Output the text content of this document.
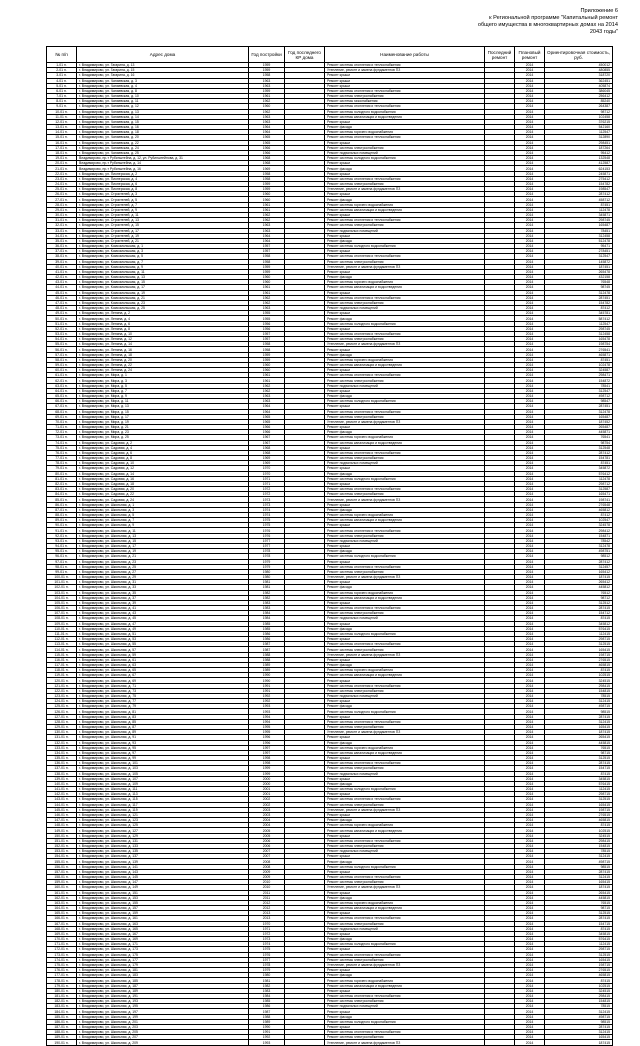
Приложение 6
к Региональной программе "Капитальный ремонт
общего имущества в многоквартирных домах на 2014
2043 годы"
№ п/п	Адрес дома	Год постройки	Год последнего КР дома	Наименование работы	Последний ремонт	Плановый ремонт	Ориентировочная стоимость, руб.
1-01 п.	г. Владимирово, ул. Гагарина, д. 13	1959		Ремонт системы отопления и теплоснабжения		2014	450012
2-01 п.	г. Владимирово, ул. Гагарина, д. 15	1959		Утепление, ремонт и замена фундаментов ПЗ		2014	480855
3-01 п.	г. Владимирово, ул. Гагарина, д. 16	1958		Ремонт крыши		2014	318720
4-01 п.	г. Владимирово, ул. Чапаевская, д. 3	1963		Ремонт крыши		2014	362451
5-01 п.	г. Владимирово, ул. Чапаевская, д. 4	1963		Ремонт крыши		2014	405874
6-01 п.	г. Владимирово, ул. Чапаевская, д. 8	1959		Ремонт системы отопления и теплоснабжения		2014	386045
7-01 п.	г. Владимирово, ул. Чапаевская, д. 10	1961		Ремонт системы электроснабжения		2014	256412
8-01 п.	г. Владимирово, ул. Чапаевская, д. 11	1962		Ремонт системы газоснабжения		2014	85240
9-01 п.	г. Владимирово, ул. Чапаевская, д. 12	1960		Ремонт системы отопления и теплоснабжения		2014	264387
10-01 п.	г. Владимирово, ул. Чапаевская, д. 13	1962		Ремонт системы холодного водоснабжения		2014	98712
11-01 п.	г. Владимирово, ул. Чапаевская, д. 14	1963		Ремонт системы канализации и водоотведения		2014	102458
12-01 п.	г. Владимирово, ул. Чапаевская, д. 15	1963		Ремонт крыши		2014	376215
13-01 п.	г. Владимирово, ул. Чапаевская, д. 16	1964		Ремонт фасада		2014	542160
14-01 п.	г. Владимирово, ул. Чапаевская, д. 18	1964		Ремонт системы горячего водоснабжения		2014	112547
15-01 п.	г. Владимирово, ул. Чапаевская, д. 20	1965		Ремонт системы отопления и теплоснабжения		2014	312890
16-01 п.	г. Владимирово, ул. Чапаевская, д. 22	1965		Ремонт крыши		2014	298451
17-01 п.	г. Владимирово, ул. Чапаевская, д. 24	1966		Ремонт системы электроснабжения		2014	187264
18-01 п.	г. Владимирово, ул. Чапаевская, д. 25	1966		Ремонт подвальных помещений		2014	95412
19-01 п.	Владимирово, пр-т Рубинштейна, д. 12, ул. Рубинштейнова, д. 31	1968		Ремонт системы холодного водоснабжения		2014	132548
20-01 п.	Владимирово, пр-т Рубинштейна, д. 14	1968		Ремонт крыши		2014	412587
21-01 п.	Владимирово, пр-т Рубинштейна, д. 16	1969		Ремонт фасада		2014	624153
22-01 п.	г. Владимирово, ул. Пионерская, д. 2	1958		Ремонт крыши		2014	245871
23-01 п.	г. Владимирово, ул. Пионерская, д. 4	1958		Ремонт системы отопления и теплоснабжения		2014	275412
24-01 п.	г. Владимирово, ул. Пионерская, д. 6	1959		Ремонт системы электроснабжения		2014	154782
25-01 п.	г. Владимирово, ул. Пионерская, д. 8	1959		Утепление, ремонт и замена фундаментов ПЗ		2014	198547
26-01 п.	г. Владимирово, ул. Строителей, д. 3	1960		Ремонт крыши		2014	287412
27-01 п.	г. Владимирово, ул. Строителей, д. 5	1960		Ремонт фасада		2014	458712
28-01 п.	г. Владимирово, ул. Строителей, д. 7	1961		Ремонт системы горячего водоснабжения		2014	87451
29-01 п.	г. Владимирово, ул. Строителей, д. 9	1961		Ремонт системы канализации и водоотведения		2014	112478
30-01 п.	г. Владимирово, ул. Строителей, д. 11	1962		Ремонт крыши		2014	345871
31-01 п.	г. Владимирово, ул. Строителей, д. 13	1962		Ремонт системы отопления и теплоснабжения		2014	298745
32-01 п.	г. Владимирово, ул. Строителей, д. 15	1963		Ремонт системы электроснабжения		2014	165487
33-01 п.	г. Владимирово, ул. Строителей, д. 17	1963		Ремонт подвальных помещений		2014	78451
34-01 п.	г. Владимирово, ул. Строителей, д. 19	1964		Ремонт крыши		2014	312458
35-01 п.	г. Владимирово, ул. Строителей, д. 21	1964		Ремонт фасада		2014	512478
36-01 п.	г. Владимирово, ул. Комсомольская, д. 1	1957		Ремонт системы холодного водоснабжения		2014	95471
37-01 п.	г. Владимирово, ул. Комсомольская, д. 3	1957		Ремонт крыши		2014	278451
38-01 п.	г. Владимирово, ул. Комсомольская, д. 5	1958		Ремонт системы отопления и теплоснабжения		2014	312547
39-01 п.	г. Владимирово, ул. Комсомольская, д. 7	1958		Ремонт системы электроснабжения		2014	145872
40-01 п.	г. Владимирово, ул. Комсомольская, д. 9	1959		Утепление, ремонт и замена фундаментов ПЗ		2014	187451
41-01 п.	г. Владимирово, ул. Комсомольская, д. 11	1959		Ремонт крыши		2014	265478
42-01 п.	г. Владимирово, ул. Комсомольская, д. 13	1960		Ремонт фасада		2014	432158
43-01 п.	г. Владимирово, ул. Комсомольская, д. 15	1960		Ремонт системы горячего водоснабжения		2014	76548
44-01 п.	г. Владимирово, ул. Комсомольская, д. 17	1961		Ремонт системы канализации и водоотведения		2014	98745
45-01 п.	г. Владимирово, ул. Комсомольская, д. 19	1961		Ремонт крыши		2014	312478
46-01 п.	г. Владимирово, ул. Комсомольская, д. 21	1962		Ремонт системы отопления и теплоснабжения		2014	287451
47-01 п.	г. Владимирово, ул. Комсомольская, д. 23	1962		Ремонт системы электроснабжения		2014	154782
48-01 п.	г. Владимирово, ул. Комсомольская, д. 25	1963		Ремонт подвальных помещений		2014	87412
49-01 п.	г. Владимирово, ул. Ленина, д. 2	1955		Ремонт крыши		2014	345781
50-01 п.	г. Владимирово, ул. Ленина, д. 4	1955		Ремонт фасада		2014	587412
51-01 п.	г. Владимирово, ул. Ленина, д. 6	1956		Ремонт системы холодного водоснабжения		2014	112547
52-01 п.	г. Владимирово, ул. Ленина, д. 8	1956		Ремонт крыши		2014	298745
53-01 п.	г. Владимирово, ул. Ленина, д. 10	1957		Ремонт системы отопления и теплоснабжения		2014	312458
54-01 п.	г. Владимирово, ул. Ленина, д. 12	1957		Ремонт системы электроснабжения		2014	165478
55-01 п.	г. Владимирово, ул. Ленина, д. 14	1958		Утепление, ремонт и замена фундаментов ПЗ		2014	198754
56-01 п.	г. Владимирово, ул. Ленина, д. 16	1958		Ремонт крыши		2014	276541
57-01 п.	г. Владимирово, ул. Ленина, д. 18	1959		Ремонт фасада		2014	465871
58-01 п.	г. Владимирово, ул. Ленина, д. 20	1959		Ремонт системы горячего водоснабжения		2014	87451
59-01 п.	г. Владимирово, ул. Ленина, д. 22	1960		Ремонт системы канализации и водоотведения		2014	102478
60-01 п.	г. Владимирово, ул. Ленина, д. 24	1960		Ремонт крыши		2014	324587
61-01 п.	г. Владимирово, ул. Мира, д. 1	1961		Ремонт системы отопления и теплоснабжения		2014	298471
62-01 п.	г. Владимирово, ул. Мира, д. 3	1961		Ремонт системы электроснабжения		2014	154872
63-01 п.	г. Владимирово, ул. Мира, д. 5	1962		Ремонт подвальных помещений		2014	78541
64-01 п.	г. Владимирово, ул. Мира, д. 7	1962		Ремонт крыши		2014	312547
65-01 п.	г. Владимирово, ул. Мира, д. 9	1963		Ремонт фасада		2014	498712
66-01 п.	г. Владимирово, ул. Мира, д. 11	1963		Ремонт системы холодного водоснабжения		2014	98547
67-01 п.	г. Владимирово, ул. Мира, д. 13	1964		Ремонт крыши		2014	287451
68-01 п.	г. Владимирово, ул. Мира, д. 15	1964		Ремонт системы отопления и теплоснабжения		2014	312478
69-01 п.	г. Владимирово, ул. Мира, д. 17	1965		Ремонт системы электроснабжения		2014	165487
70-01 п.	г. Владимирово, ул. Мира, д. 19	1965		Утепление, ремонт и замена фундаментов ПЗ		2014	187452
71-01 п.	г. Владимирово, ул. Мира, д. 21	1966		Ремонт крыши		2014	265487
72-01 п.	г. Владимирово, ул. Мира, д. 23	1966		Ремонт фасада		2014	445871
73-01 п.	г. Владимирово, ул. Мира, д. 25	1967		Ремонт системы горячего водоснабжения		2014	76541
74-01 п.	г. Владимирово, ул. Садовая, д. 2	1967		Ремонт системы канализации и водоотведения		2014	98754
75-01 п.	г. Владимирово, ул. Садовая, д. 4	1968		Ремонт крыши		2014	312548
76-01 п.	г. Владимирово, ул. Садовая, д. 6	1968		Ремонт системы отопления и теплоснабжения		2014	287412
77-01 п.	г. Владимирово, ул. Садовая, д. 8	1969		Ремонт системы электроснабжения		2014	154781
78-01 п.	г. Владимирово, ул. Садовая, д. 10	1969		Ремонт подвальных помещений		2014	87451
79-01 п.	г. Владимирово, ул. Садовая, д. 12	1970		Ремонт крыши		2014	345872
80-01 п.	г. Владимирово, ул. Садовая, д. 14	1970		Ремонт фасада		2014	576412
81-01 п.	г. Владимирово, ул. Садовая, д. 16	1971		Ремонт системы холодного водоснабжения		2014	112478
82-01 п.	г. Владимирово, ул. Садовая, д. 18	1971		Ремонт крыши		2014	298712
83-01 п.	г. Владимирово, ул. Садовая, д. 20	1972		Ремонт системы отопления и теплоснабжения		2014	312587
84-01 п.	г. Владимирово, ул. Садовая, д. 22	1972		Ремонт системы электроснабжения		2014	165471
85-01 п.	г. Владимирово, ул. Садовая, д. 24	1973		Утепление, ремонт и замена фундаментов ПЗ		2014	198741
86-01 п.	г. Владимирово, ул. Школьная, д. 1	1973		Ремонт крыши		2014	276548
87-01 п.	г. Владимирово, ул. Школьная, д. 3	1974		Ремонт фасада		2014	465812
88-01 п.	г. Владимирово, ул. Школьная, д. 5	1974		Ремонт системы горячего водоснабжения		2014	87412
89-01 п.	г. Владимирово, ул. Школьная, д. 7	1975		Ремонт системы канализации и водоотведения		2014	102547
90-01 п.	г. Владимирово, ул. Школьная, д. 9	1975		Ремонт крыши		2014	324578
91-01 п.	г. Владимирово, ул. Школьная, д. 11	1976		Ремонт системы отопления и теплоснабжения		2014	298412
92-01 п.	г. Владимирово, ул. Школьная, д. 13	1976		Ремонт системы электроснабжения		2014	154871
93-01 п.	г. Владимирово, ул. Школьная, д. 15	1977		Ремонт подвальных помещений		2014	78542
94-01 п.	г. Владимирово, ул. Школьная, д. 17	1977		Ремонт крыши		2014	312478
95-01 п.	г. Владимирово, ул. Школьная, д. 19	1978		Ремонт фасада		2014	498751
96-01 п.	г. Владимирово, ул. Школьная, д. 21	1978		Ремонт системы холодного водоснабжения		2014	98512
97-01 п.	г. Владимирово, ул. Школьная, д. 23	1979		Ремонт крыши		2014	287412
98-01 п.	г. Владимирово, ул. Школьная, д. 25	1979		Ремонт системы отопления и теплоснабжения		2014	312457
99-01 п.	г. Владимирово, ул. Школьная, д. 27	1980		Ремонт системы электроснабжения		2014	165412
100-01 п.	г. Владимирово, ул. Школьная, д. 29	1980		Утепление, ремонт и замена фундаментов ПЗ		2014	187415
101-01 п.	г. Владимирово, ул. Школьная, д. 31	1981		Ремонт крыши		2014	265412
102-01 п.	г. Владимирово, ул. Школьная, д. 33	1981		Ремонт фасада		2014	445812
103-01 п.	г. Владимирово, ул. Школьная, д. 35	1982		Ремонт системы горячего водоснабжения		2014	76512
104-01 п.	г. Владимирово, ул. Школьная, д. 37	1982		Ремонт системы канализации и водоотведения		2014	98712
105-01 п.	г. Владимирово, ул. Школьная, д. 39	1983		Ремонт крыши		2014	312512
106-01 п.	г. Владимирово, ул. Школьная, д. 41	1983		Ремонт системы отопления и теплоснабжения		2014	287415
107-01 п.	г. Владимирово, ул. Школьная, д. 43	1984		Ремонт системы электроснабжения		2014	154712
108-01 п.	г. Владимирово, ул. Школьная, д. 45	1984		Ремонт подвальных помещений		2014	87415
109-01 п.	г. Владимирово, ул. Школьная, д. 47	1985		Ремонт крыши		2014	345812
110-01 п.	г. Владимирово, ул. Школьная, д. 49	1985		Ремонт фасада		2014	576415
111-01 п.	г. Владимирово, ул. Школьная, д. 51	1986		Ремонт системы холодного водоснабжения		2014	112415
112-01 п.	г. Владимирово, ул. Школьная, д. 53	1986		Ремонт крыши		2014	298715
113-01 п.	г. Владимирово, ул. Школьная, д. 55	1987		Ремонт системы отопления и теплоснабжения		2014	312515
114-01 п.	г. Владимирово, ул. Школьная, д. 57	1987		Ремонт системы электроснабжения		2014	165415
115-01 п.	г. Владимирово, ул. Школьная, д. 59	1988		Утепление, ремонт и замена фундаментов ПЗ		2014	198715
116-01 п.	г. Владимирово, ул. Школьная, д. 61	1988		Ремонт крыши		2014	276515
117-01 п.	г. Владимирово, ул. Школьная, д. 63	1989		Ремонт фасада		2014	465815
118-01 п.	г. Владимирово, ул. Школьная, д. 65	1989		Ремонт системы горячего водоснабжения		2014	87415
119-01 п.	г. Владимирово, ул. Школьная, д. 67	1990		Ремонт системы канализации и водоотведения		2014	102515
120-01 п.	г. Владимирово, ул. Школьная, д. 69	1990		Ремонт крыши		2014	324515
121-01 п.	г. Владимирово, ул. Школьная, д. 71	1991		Ремонт системы отопления и теплоснабжения		2014	298415
122-01 п.	г. Владимирово, ул. Школьная, д. 73	1991		Ремонт системы электроснабжения		2014	154815
123-01 п.	г. Владимирово, ул. Школьная, д. 75	1992		Ремонт подвальных помещений		2014	78515
124-01 п.	г. Владимирово, ул. Школьная, д. 77	1992		Ремонт крыши		2014	312415
125-01 п.	г. Владимирово, ул. Школьная, д. 79	1993		Ремонт фасада		2014	498715
126-01 п.	г. Владимирово, ул. Школьная, д. 81	1993		Ремонт системы холодного водоснабжения		2014	98515
127-01 п.	г. Владимирово, ул. Школьная, д. 83	1994		Ремонт крыши		2014	287415
128-01 п.	г. Владимирово, ул. Школьная, д. 85	1994		Ремонт системы отопления и теплоснабжения		2014	312415
129-01 п.	г. Владимирово, ул. Школьная, д. 87	1995		Ремонт системы электроснабжения		2014	165415
130-01 п.	г. Владимирово, ул. Школьная, д. 89	1995		Утепление, ремонт и замена фундаментов ПЗ		2014	187415
131-01 п.	г. Владимирово, ул. Школьная, д. 91	1996		Ремонт крыши		2014	265415
132-01 п.	г. Владимирово, ул. Школьная, д. 93	1996		Ремонт фасада		2014	445815
133-01 п.	г. Владимирово, ул. Школьная, д. 95	1997		Ремонт системы горячего водоснабжения		2014	76515
134-01 п.	г. Владимирово, ул. Школьная, д. 97	1997		Ремонт системы канализации и водоотведения		2014	98715
135-01 п.	г. Владимирово, ул. Школьная, д. 99	1998		Ремонт крыши		2014	312515
136-01 п.	г. Владимирово, ул. Школьная, д. 101	1998		Ремонт системы отопления и теплоснабжения		2014	287415
137-01 п.	г. Владимирово, ул. Школьная, д. 103	1999		Ремонт системы электроснабжения		2014	154715
138-01 п.	г. Владимирово, ул. Школьная, д. 105	1999		Ремонт подвальных помещений		2014	87415
139-01 п.	г. Владимирово, ул. Школьная, д. 107	2000		Ремонт крыши		2014	345815
140-01 п.	г. Владимирово, ул. Школьная, д. 109	2000		Ремонт фасада		2014	576415
141-01 п.	г. Владимирово, ул. Школьная, д. 111	2001		Ремонт системы холодного водоснабжения		2014	112415
142-01 п.	г. Владимирово, ул. Школьная, д. 113	2001		Ремонт крыши		2014	298715
143-01 п.	г. Владимирово, ул. Школьная, д. 115	2002		Ремонт системы отопления и теплоснабжения		2014	312515
144-01 п.	г. Владимирово, ул. Школьная, д. 117	2002		Ремонт системы электроснабжения		2014	165415
145-01 п.	г. Владимирово, ул. Школьная, д. 119	2003		Утепление, ремонт и замена фундаментов ПЗ		2014	198715
146-01 п.	г. Владимирово, ул. Школьная, д. 121	2003		Ремонт крыши		2014	276515
147-01 п.	г. Владимирово, ул. Школьная, д. 123	2004		Ремонт фасада		2014	465815
148-01 п.	г. Владимирово, ул. Школьная, д. 125	2004		Ремонт системы горячего водоснабжения		2014	87415
149-01 п.	г. Владимирово, ул. Школьная, д. 127	2005		Ремонт системы канализации и водоотведения		2014	102515
150-01 п.	г. Владимирово, ул. Школьная, д. 129	2005		Ремонт крыши		2014	324515
151-01 п.	г. Владимирово, ул. Школьная, д. 131	2006		Ремонт системы отопления и теплоснабжения		2014	298415
152-01 п.	г. Владимирово, ул. Школьная, д. 133	2006		Ремонт системы электроснабжения		2014	154815
153-01 п.	г. Владимирово, ул. Школьная, д. 135	2007		Ремонт подвальных помещений		2014	78515
154-01 п.	г. Владимирово, ул. Школьная, д. 137	2007		Ремонт крыши		2014	312415
155-01 п.	г. Владимирово, ул. Школьная, д. 139	2008		Ремонт фасада		2014	498715
156-01 п.	г. Владимирово, ул. Школьная, д. 141	2008		Ремонт системы холодного водоснабжения		2014	98515
157-01 п.	г. Владимирово, ул. Школьная, д. 143	2009		Ремонт крыши		2014	287415
158-01 п.	г. Владимирово, ул. Школьная, д. 145	2009		Ремонт системы отопления и теплоснабжения		2014	312415
159-01 п.	г. Владимирово, ул. Школьная, д. 147	2010		Ремонт системы электроснабжения		2014	165415
160-01 п.	г. Владимирово, ул. Школьная, д. 149	2010		Утепление, ремонт и замена фундаментов ПЗ		2014	187415
161-01 п.	г. Владимирово, ул. Школьная, д. 151	2011		Ремонт крыши		2014	265415
162-01 п.	г. Владимирово, ул. Школьная, д. 153	2011		Ремонт фасада		2014	445815
163-01 п.	г. Владимирово, ул. Школьная, д. 155	2012		Ремонт системы горячего водоснабжения		2014	76515
164-01 п.	г. Владимирово, ул. Школьная, д. 157	2012		Ремонт системы канализации и водоотведения		2014	98715
165-01 п.	г. Владимирово, ул. Школьная, д. 159	2013		Ремонт крыши		2014	312515
166-01 п.	г. Владимирово, ул. Школьная, д. 161	2013		Ремонт системы отопления и теплоснабжения		2014	287415
167-01 п.	г. Владимирово, ул. Школьная, д. 163	1970		Ремонт системы электроснабжения		2014	154715
168-01 п.	г. Владимирово, ул. Школьная, д. 165	1971		Ремонт подвальных помещений		2014	87415
169-01 п.	г. Владимирово, ул. Школьная, д. 167	1972		Ремонт крыши		2014	345815
170-01 п.	г. Владимирово, ул. Школьная, д. 169	1973		Ремонт фасада		2014	576415
171-01 п.	г. Владимирово, ул. Школьная, д. 171	1974		Ремонт системы холодного водоснабжения		2014	112415
172-01 п.	г. Владимирово, ул. Школьная, д. 173	1975		Ремонт крыши		2014	298715
173-01 п.	г. Владимирово, ул. Школьная, д. 175	1976		Ремонт системы отопления и теплоснабжения		2014	312515
174-01 п.	г. Владимирово, ул. Школьная, д. 177	1977		Ремонт системы электроснабжения		2014	165415
175-01 п.	г. Владимирово, ул. Школьная, д. 179	1978		Утепление, ремонт и замена фундаментов ПЗ		2014	198715
176-01 п.	г. Владимирово, ул. Школьная, д. 181	1979		Ремонт крыши		2014	276515
177-01 п.	г. Владимирово, ул. Школьная, д. 183	1980		Ремонт фасада		2014	465815
178-01 п.	г. Владимирово, ул. Школьная, д. 185	1981		Ремонт системы горячего водоснабжения		2014	87415
179-01 п.	г. Владимирово, ул. Школьная, д. 187	1982		Ремонт системы канализации и водоотведения		2014	102515
180-01 п.	г. Владимирово, ул. Школьная, д. 189	1983		Ремонт крыши		2014	324515
181-01 п.	г. Владимирово, ул. Школьная, д. 191	1984		Ремонт системы отопления и теплоснабжения		2014	298415
182-01 п.	г. Владимирово, ул. Школьная, д. 193	1985		Ремонт системы электроснабжения		2014	154815
183-01 п.	г. Владимирово, ул. Школьная, д. 195	1986		Ремонт подвальных помещений		2014	78515
184-01 п.	г. Владимирово, ул. Школьная, д. 197	1987		Ремонт крыши		2014	312415
185-01 п.	г. Владимирово, ул. Школьная, д. 199	1988		Ремонт фасада		2014	498715
186-01 п.	г. Владимирово, ул. Школьная, д. 201	1989		Ремонт системы холодного водоснабжения		2014	98515
187-01 п.	г. Владимирово, ул. Школьная, д. 203	1990		Ремонт крыши		2014	287415
188-01 п.	г. Владимирово, ул. Школьная, д. 205	1991		Ремонт системы отопления и теплоснабжения		2014	312415
189-01 п.	г. Владимирово, ул. Школьная, д. 207	1992		Ремонт системы электроснабжения		2014	165415
190-01 п.	г. Владимирово, ул. Школьная, д. 209	1993		Утепление, ремонт и замена фундаментов ПЗ		2014	187415
